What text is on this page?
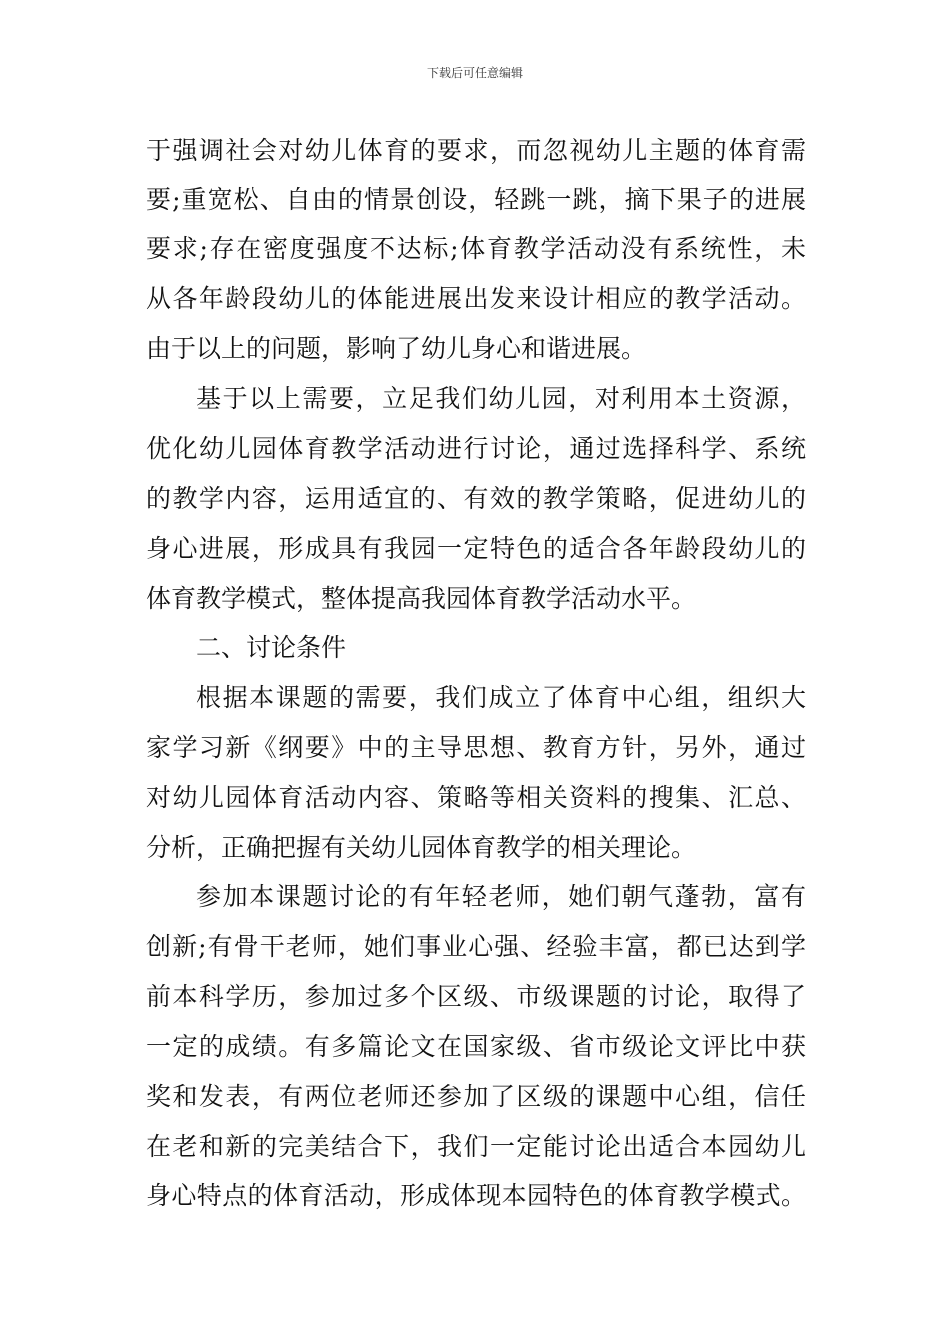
下载后可任意编辑
于强调社会对幼儿体育的要求，而忽视幼儿主题的体育需
要;重宽松、自由的情景创设，轻跳一跳，摘下果子的进展
要求;存在密度强度不达标;体育教学活动没有系统性，未
从各年龄段幼儿的体能进展出发来设计相应的教学活动。
由于以上的问题，影响了幼儿身心和谐进展。
基于以上需要，立足我们幼儿园，对利用本土资源，
优化幼儿园体育教学活动进行讨论，通过选择科学、系统
的教学内容，运用适宜的、有效的教学策略，促进幼儿的
身心进展，形成具有我园一定特色的适合各年龄段幼儿的
体育教学模式，整体提高我园体育教学活动水平。
二、讨论条件
根据本课题的需要，我们成立了体育中心组，组织大
家学习新《纲要》中的主导思想、教育方针，另外，通过
对幼儿园体育活动内容、策略等相关资料的搜集、汇总、
分析，正确把握有关幼儿园体育教学的相关理论。
参加本课题讨论的有年轻老师，她们朝气蓬勃，富有
创新;有骨干老师，她们事业心强、经验丰富，都已达到学
前本科学历，参加过多个区级、市级课题的讨论，取得了
一定的成绩。有多篇论文在国家级、省市级论文评比中获
奖和发表，有两位老师还参加了区级的课题中心组，信任
在老和新的完美结合下，我们一定能讨论出适合本园幼儿
身心特点的体育活动，形成体现本园特色的体育教学模式。
